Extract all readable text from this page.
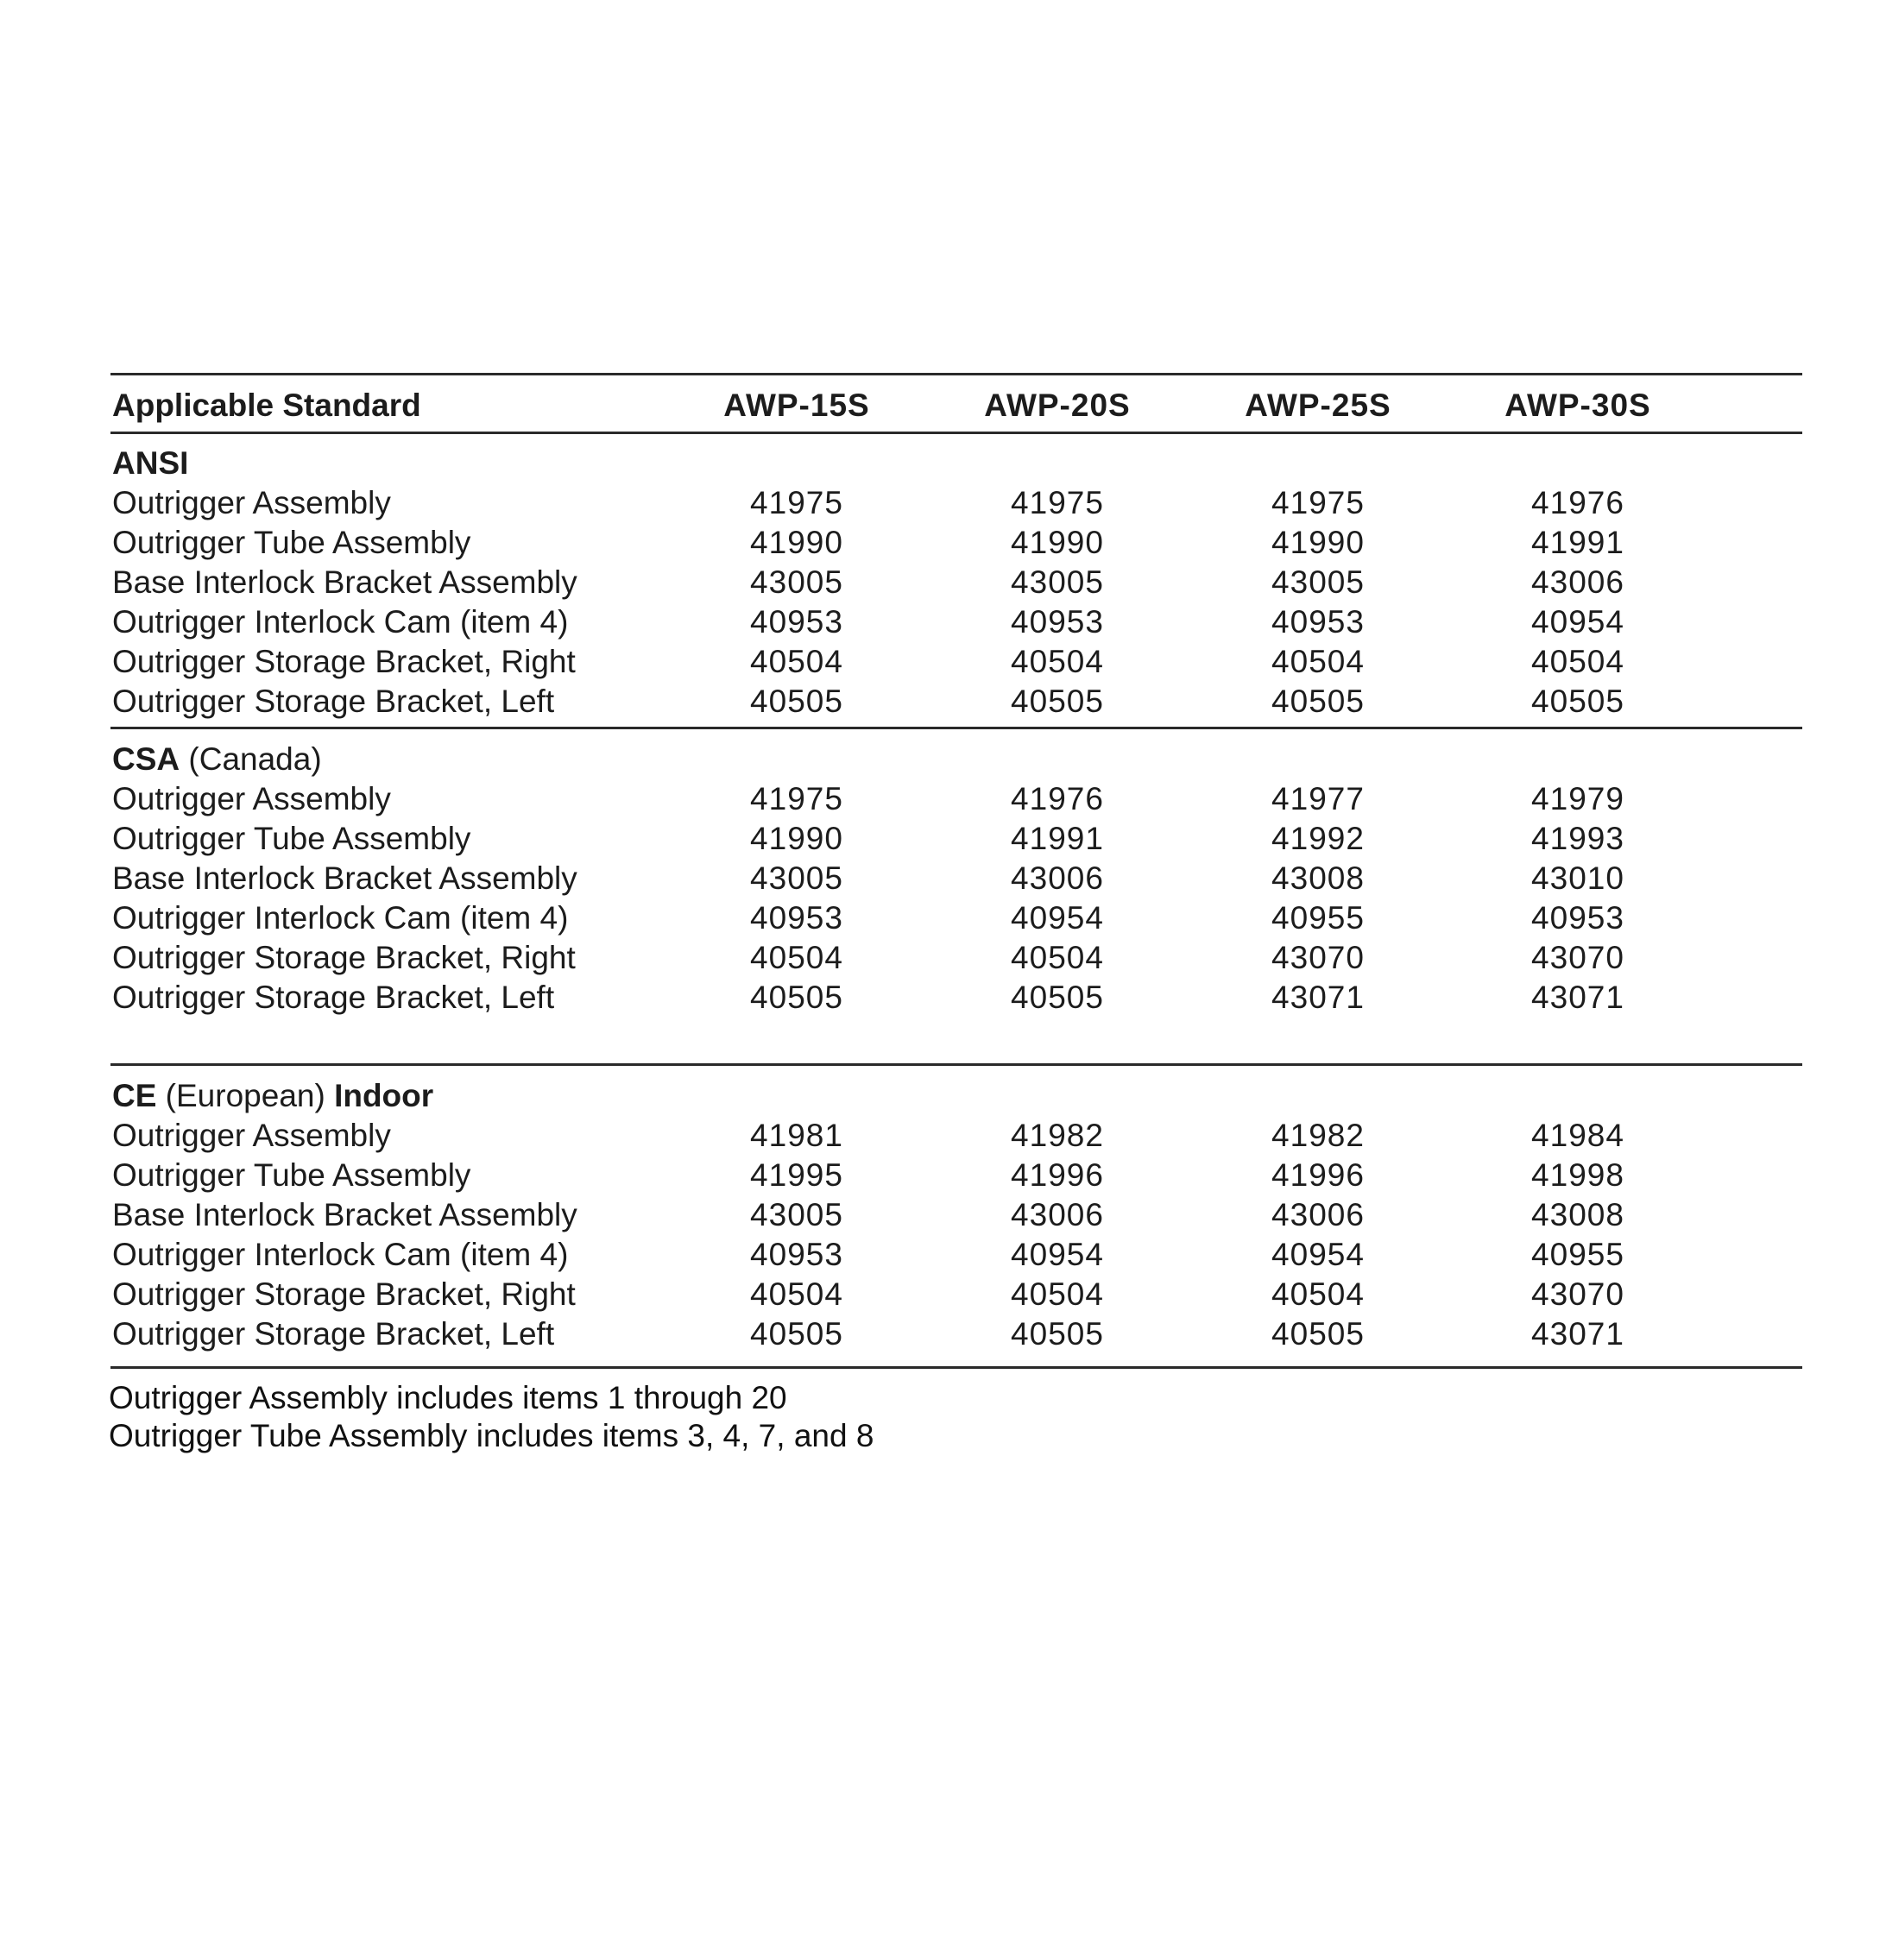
Applicable Standard	AWP-15S	AWP-20S	AWP-25S	AWP-30S
ANSI
Outrigger Assembly	41975	41975	41975	41976
Outrigger Tube Assembly	41990	41990	41990	41991
Base Interlock Bracket Assembly	43005	43005	43005	43006
Outrigger Interlock Cam (item 4)	40953	40953	40953	40954
Outrigger Storage Bracket, Right	40504	40504	40504	40504
Outrigger Storage Bracket, Left	40505	40505	40505	40505
CSA (Canada)
Outrigger Assembly	41975	41976	41977	41979
Outrigger Tube Assembly	41990	41991	41992	41993
Base Interlock Bracket Assembly	43005	43006	43008	43010
Outrigger Interlock Cam (item 4)	40953	40954	40955	40953
Outrigger Storage Bracket, Right	40504	40504	43070	43070
Outrigger Storage Bracket, Left	40505	40505	43071	43071
CE (European) Indoor
Outrigger Assembly	41981	41982	41982	41984
Outrigger Tube Assembly	41995	41996	41996	41998
Base Interlock Bracket Assembly	43005	43006	43006	43008
Outrigger Interlock Cam (item 4)	40953	40954	40954	40955
Outrigger Storage Bracket, Right	40504	40504	40504	43070
Outrigger Storage Bracket, Left	40505	40505	40505	43071
Outrigger Assembly includes items 1 through 20
Outrigger Tube Assembly includes items 3, 4, 7, and 8
